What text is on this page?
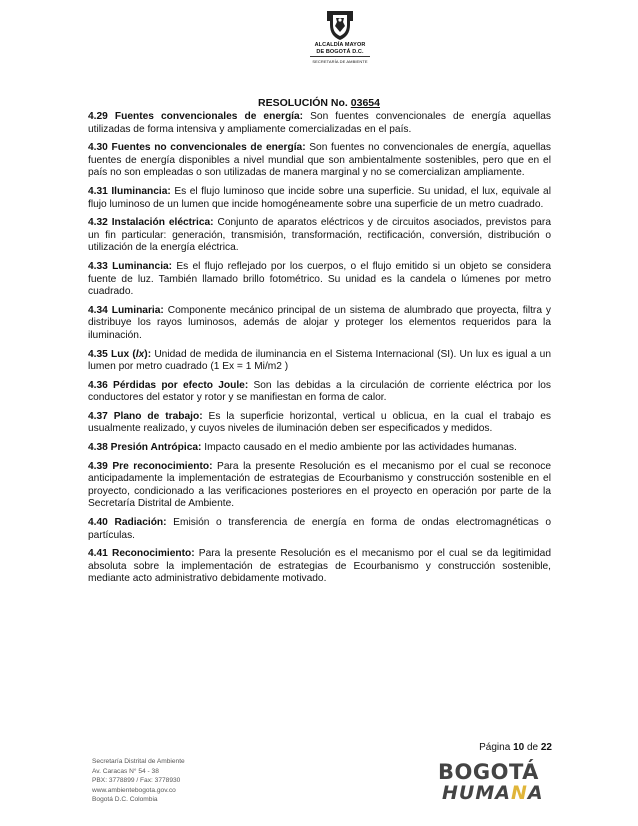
ALCALDÍA MAYOR
DE BOGOTÁ D.C.
SECRETARÍA DE AMBIENTE
RESOLUCIÓN No. 03654

4.29 Fuentes convencionales de energía: Son fuentes convencionales de energía aquellas utilizadas de forma intensiva y ampliamente comercializadas en el país.

4.30 Fuentes no convencionales de energía: Son fuentes no convencionales de energía, aquellas fuentes de energía disponibles a nivel mundial que son ambientalmente sostenibles, pero que en el país no son empleadas o son utilizadas de manera marginal y no se comercializan ampliamente.

4.31 Iluminancia: Es el flujo luminoso que incide sobre una superficie. Su unidad, el lux, equivale al flujo luminoso de un lumen que incide homogéneamente sobre una superficie de un metro cuadrado.

4.32 Instalación eléctrica: Conjunto de aparatos eléctricos y de circuitos asociados, previstos para un fin particular: generación, transmisión, transformación, rectificación, conversión, distribución o utilización de la energía eléctrica.

4.33 Luminancia: Es el flujo reflejado por los cuerpos, o el flujo emitido si un objeto se considera fuente de luz. También llamado brillo fotométrico. Su unidad es la candela o lúmenes por metro cuadrado.

4.34 Luminaria: Componente mecánico principal de un sistema de alumbrado que proyecta, filtra y distribuye los rayos luminosos, además de alojar y proteger los elementos requeridos para la iluminación.

4.35 Lux (lx): Unidad de medida de iluminancia en el Sistema Internacional (SI). Un lux es igual a un lumen por metro cuadrado (1 Ex = 1 Mi/m2 )

4.36 Pérdidas por efecto Joule: Son las debidas a la circulación de corriente eléctrica por los conductores del estator y rotor y se manifiestan en forma de calor.

4.37 Plano de trabajo: Es la superficie horizontal, vertical u oblicua, en la cual el trabajo es usualmente realizado, y cuyos niveles de iluminación deben ser especificados y medidos.

4.38 Presión Antrópica: Impacto causado en el medio ambiente por las actividades humanas.

4.39 Pre reconocimiento: Para la presente Resolución es el mecanismo por el cual se reconoce anticipadamente la implementación de estrategias de Ecourbanismo y construcción sostenible en el proyecto, condicionado a las verificaciones posteriores en el proyecto en operación por parte de la Secretaría Distrital de Ambiente.

4.40 Radiación: Emisión o transferencia de energía en forma de ondas electromagnéticas o partículas.

4.41 Reconocimiento: Para la presente Resolución es el mecanismo por el cual se da legitimidad absoluta sobre la implementación de estrategias de Ecourbanismo y construcción sostenible, mediante acto administrativo debidamente motivado.

Página 10 de 22
Secretaría Distrital de Ambiente
Av. Caracas N° 54 - 38
PBX: 3778899 / Fax: 3778930
www.ambientebogota.gov.co
Bogotá D.C. Colombia
BOGOTÁ
HUMANA
